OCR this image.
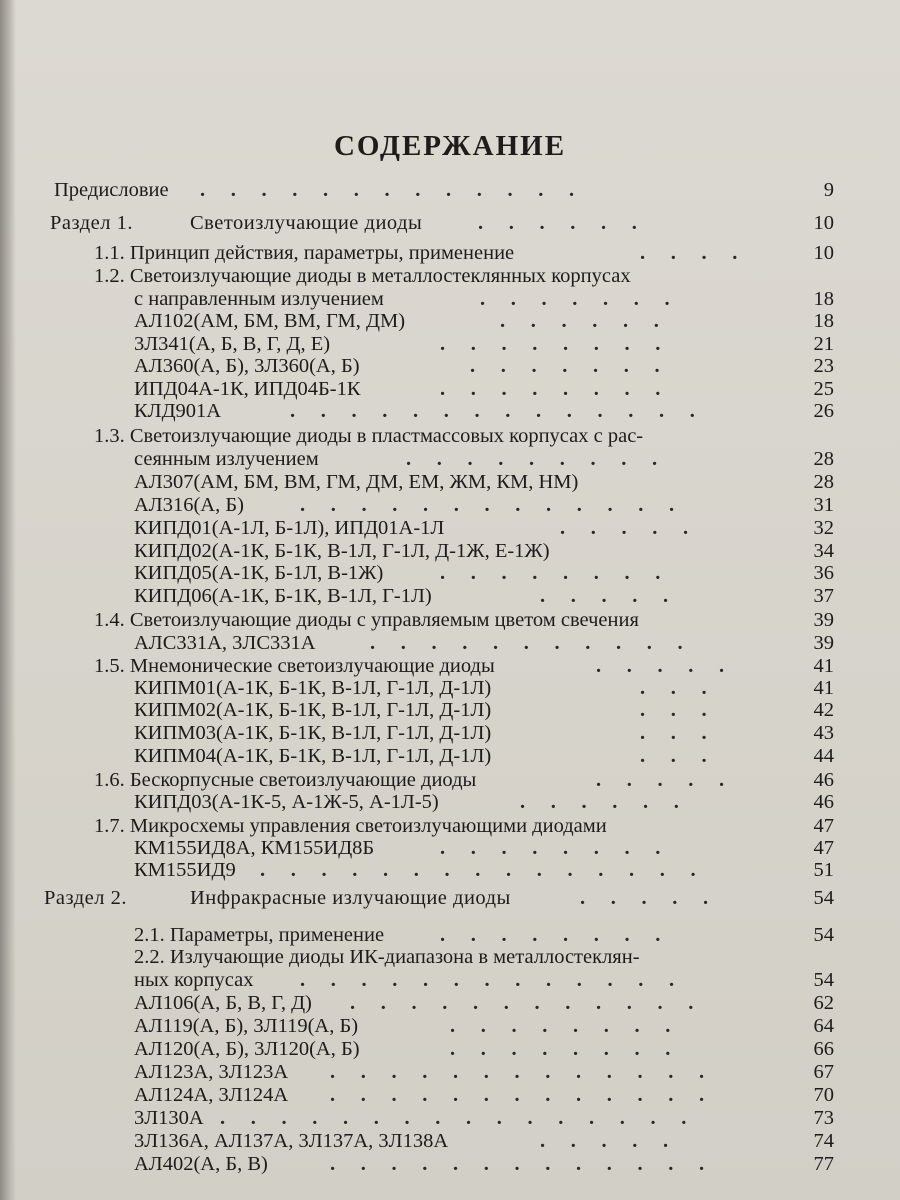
СОДЕРЖАНИЕ
Предисловие .     .     .     .     .     .     .     .     .     .     .     .     .	9
Раздел 1.	Светоизлучающие диоды	.     .     .     .     .     .	10
1.1. Принцип действия, параметры, применение	.     .     .     .	10
1.2. Светоизлучающие диоды в металлостеклянных корпусах
с направленным излучением	.     .     .     .     .     .     .	18
АЛ102(АМ, БМ, ВМ, ГМ, ДМ)	.     .     .     .     .     .	18
3Л341(А, Б, В, Г, Д, Е)	.     .     .     .     .     .     .     .	21
АЛ360(А, Б), 3Л360(А, Б)	.     .     .     .     .     .     .	23
ИПД04А-1К, ИПД04Б-1К	.     .     .     .     .     .     .     .	25
КЛД901А	.     .     .     .     .     .     .     .     .     .     .     .     .     .	26
1.3. Светоизлучающие диоды в пластмассовых корпусах с рас-
сеянным излучением	.     .     .     .     .     .     .     .     .	28
АЛ307(АМ, БМ, ВМ, ГМ, ДМ, ЕМ, ЖМ, КМ, НМ)	28
АЛ316(А, Б)	.     .     .     .     .     .     .     .     .     .     .     .     .	31
КИПД01(А-1Л, Б-1Л), ИПД01А-1Л	.     .     .     .     .	32
КИПД02(А-1К, Б-1К, В-1Л, Г-1Л, Д-1Ж, Е-1Ж)	34
КИПД05(А-1К, Б-1Л, В-1Ж)	.     .     .     .     .     .     .     .	36
КИПД06(А-1К, Б-1К, В-1Л, Г-1Л)	.     .     .     .     .	37
1.4. Светоизлучающие диоды с управляемым цветом свечения	39
АЛС331А, 3ЛС331А	.     .     .     .     .     .     .     .     .     .     .	39
1.5. Мнемонические светоизлучающие диоды	.     .     .     .     .	41
КИПМ01(А-1К, Б-1К, В-1Л, Г-1Л, Д-1Л)	.     .     .	41
КИПМ02(А-1К, Б-1К, В-1Л, Г-1Л, Д-1Л)	.     .     .	42
КИПМ03(А-1К, Б-1К, В-1Л, Г-1Л, Д-1Л)	.     .     .	43
КИПМ04(А-1К, Б-1К, В-1Л, Г-1Л, Д-1Л)	.     .     .	44
1.6. Бескорпусные светоизлучающие диоды	.     .     .     .     .	46
КИПД03(А-1К-5, А-1Ж-5, А-1Л-5)	.     .     .     .     .     .	46
1.7. Микросхемы управления светоизлучающими диодами	47
КМ155ИД8А, КМ155ИД8Б	.     .     .     .     .     .     .     .	47
КМ155ИД9 .     .     .     .     .     .     .     .     .     .     .     .     .     .     .	51
Раздел 2.	Инфракрасные излучающие диоды	.     .     .     .     .	54
2.1. Параметры, применение	.     .     .     .     .     .     .     .	54
2.2. Излучающие диоды ИК-диапазона в металлостеклян-
ных корпусах .     .     .     .     .     .     .     .     .     .     .     .     .	54
АЛ106(А, Б, В, Г, Д) .     .     .     .     .     .     .     .     .     .     .     .	62
АЛ119(А, Б), 3Л119(А, Б)	.     .     .     .     .     .     .     .	64
АЛ120(А, Б), 3Л120(А, Б)	.     .     .     .     .     .     .     .	66
АЛ123А, 3Л123А .     .     .     .     .     .     .     .     .     .     .     .     .	67
АЛ124А, 3Л124А .     .     .     .     .     .     .     .     .     .     .     .     .	70
3Л130А .     .     .     .     .     .     .     .     .     .     .     .     .     .     .     .	73
3Л136А, АЛ137А, 3Л137А, 3Л138А	.     .     .     .     .	74
АЛ402(А, Б, В)	.     .     .     .     .     .     .     .     .     .     .     .     .	77
